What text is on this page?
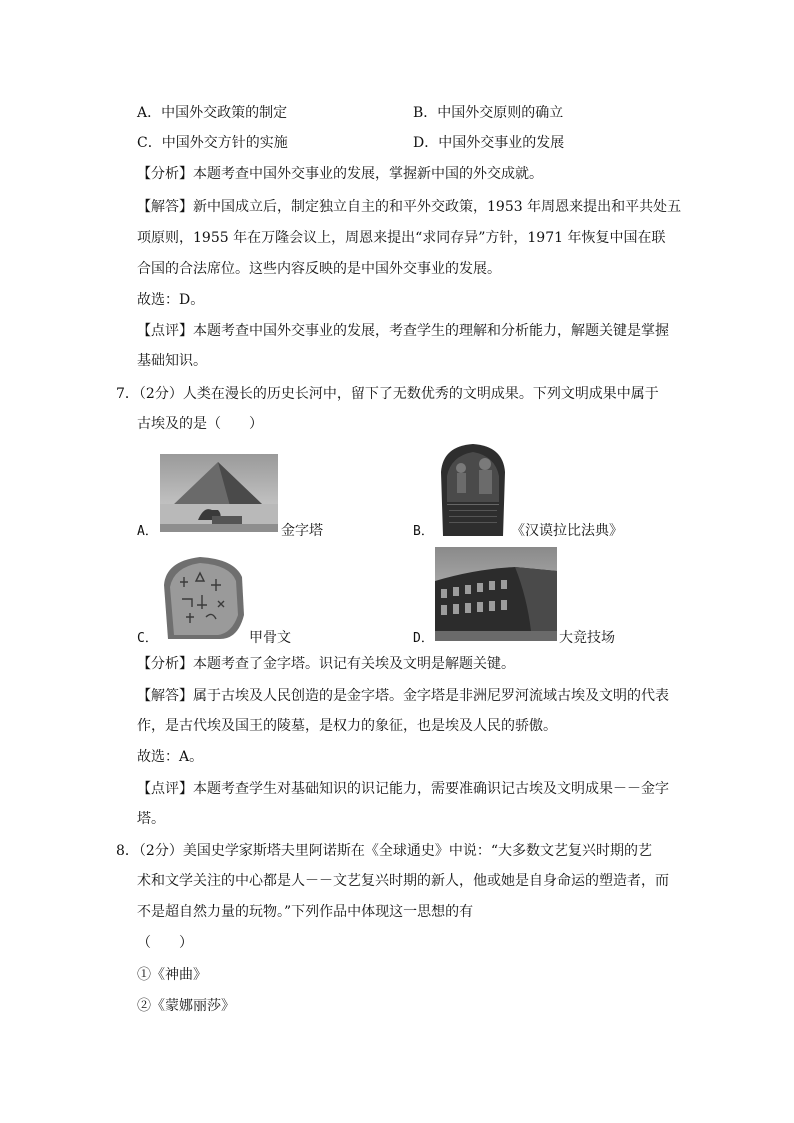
A．中国外交政策的制定	B．中国外交原则的确立
C．中国外交方针的实施	D．中国外交事业的发展
【分析】本题考查中国外交事业的发展，掌握新中国的外交成就。
【解答】新中国成立后，制定独立自主的和平外交政策，1953 年周恩来提出和平共处五
项原则，1955 年在万隆会议上，周恩来提出“求同存异”方针，1971 年恢复中国在联
合国的合法席位。这些内容反映的是中国外交事业的发展。
故选：D。
【点评】本题考查中国外交事业的发展，考查学生的理解和分析能力，解题关键是掌握
基础知识。
7．（2分）人类在漫长的历史长河中，留下了无数优秀的文明成果。下列文明成果中属于
古埃及的是（　　）
A．	金字塔	B．	《汉谟拉比法典》
C．	甲骨文	D．	大竞技场
【分析】本题考查了金字塔。识记有关埃及文明是解题关键。
【解答】属于古埃及人民创造的是金字塔。金字塔是非洲尼罗河流域古埃及文明的代表
作，是古代埃及国王的陵墓，是权力的象征，也是埃及人民的骄傲。
故选：A。
【点评】本题考查学生对基础知识的识记能力，需要准确识记古埃及文明成果－－金字
塔。
8．（2分）美国史学家斯塔夫里阿诺斯在《全球通史》中说：“大多数文艺复兴时期的艺
术和文学关注的中心都是人－－文艺复兴时期的新人，他或她是自身命运的塑造者，而
不是超自然力量的玩物。”下列作品中体现这一思想的有
（　　）
①《神曲》
②《蒙娜丽莎》
